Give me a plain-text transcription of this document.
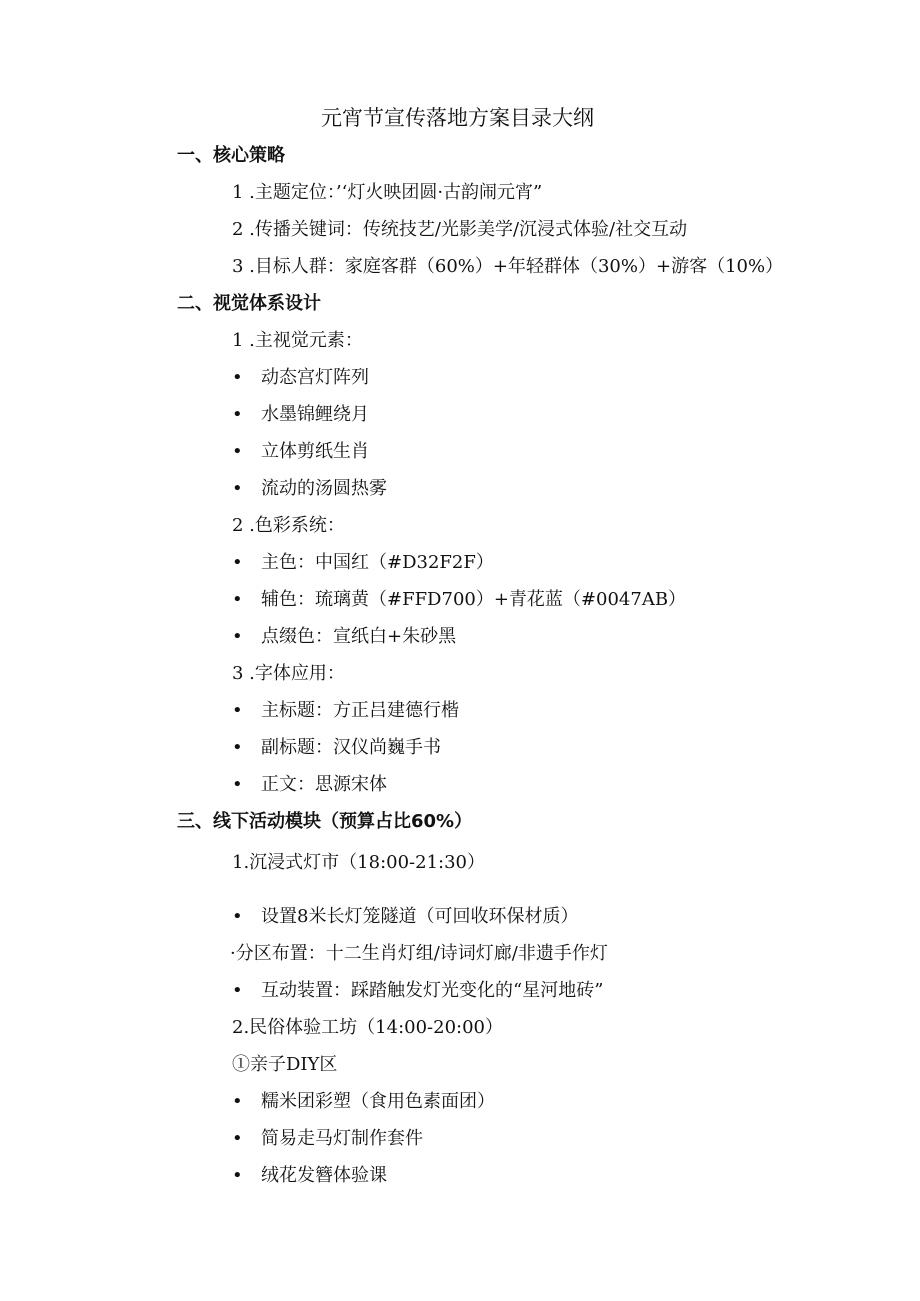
元宵节宣传落地方案目录大纲
一、核心策略
1 .主题定位：’‘灯火映团圆·古韵闹元宵”
2 .传播关键词：传统技艺/光影美学/沉浸式体验/社交互动
3 .目标人群：家庭客群（60%）+年轻群体（30%）+游客（10%）
二、视觉体系设计
1 .主视觉元素：
• 动态宫灯阵列
• 水墨锦鲤绕月
• 立体剪纸生肖
• 流动的汤圆热雾
2 .色彩系统：
• 主色：中国红（#D32F2F）
• 辅色：琉璃黄（#FFD700）+青花蓝（#0047AB）
• 点缀色：宣纸白+朱砂黑
3 .字体应用：
• 主标题：方正吕建德行楷
• 副标题：汉仪尚巍手书
• 正文：思源宋体
三、线下活动模块（预算占比60%）
1.沉浸式灯市（18:00-21:30）
• 设置8米长灯笼隧道（可回收环保材质）
·分区布置：十二生肖灯组/诗词灯廊/非遗手作灯
• 互动装置：踩踏触发灯光变化的“星河地砖”
2.民俗体验工坊（14:00-20:00）
①亲子DIY区
• 糯米团彩塑（食用色素面团）
• 简易走马灯制作套件
• 绒花发簪体验课
